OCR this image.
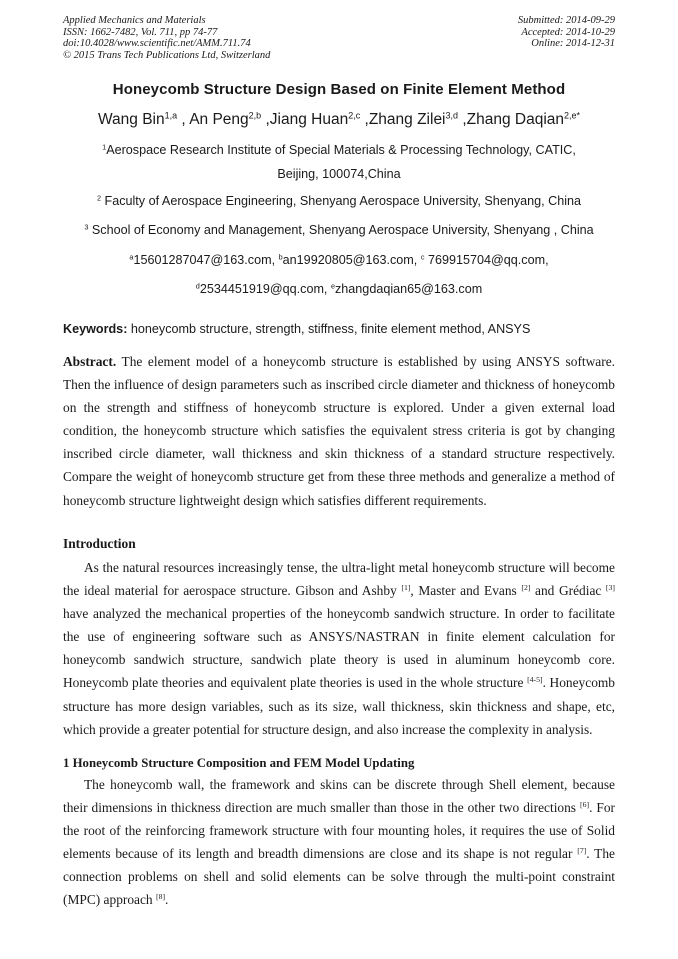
Applied Mechanics and Materials
ISSN: 1662-7482, Vol. 711, pp 74-77
doi:10.4028/www.scientific.net/AMM.711.74
© 2015 Trans Tech Publications Ltd, Switzerland
Submitted: 2014-09-29
Accepted: 2014-10-29
Online: 2014-12-31
Honeycomb Structure Design Based on Finite Element Method
Wang Bin$^{1,a}$ , An Peng$^{2,b}$ ,Jiang Huan$^{2,c}$ ,Zhang Zilei$^{3,d}$ ,Zhang Daqian$^{2,e*}$
$^1$Aerospace Research Institute of Special Materials & Processing Technology, CATIC,
Beijing, 100074,China
$^2$ Faculty of Aerospace Engineering, Shenyang Aerospace University, Shenyang, China
$^3$ School of Economy and Management, Shenyang Aerospace University, Shenyang , China
$^a$15601287047@163.com, $^b$an19920805@163.com, $^c$ 769915704@qq.com,
$^d$2534451919@qq.com, $^e$zhangdaqian65@163.com
Keywords: honeycomb structure, strength, stiffness, finite element method, ANSYS

Abstract. The element model of a honeycomb structure is established by using ANSYS software. Then the influence of design parameters such as inscribed circle diameter and thickness of honeycomb on the strength and stiffness of honeycomb structure is explored. Under a given external load condition, the honeycomb structure which satisfies the equivalent stress criteria is got by changing inscribed circle diameter, wall thickness and skin thickness of a standard structure respectively. Compare the weight of honeycomb structure get from these three methods and generalize a method of honeycomb structure lightweight design which satisfies different requirements.

Introduction

As the natural resources increasingly tense, the ultra-light metal honeycomb structure will become the ideal material for aerospace structure. Gibson and Ashby [1], Master and Evans [2] and Grédiac [3] have analyzed the mechanical properties of the honeycomb sandwich structure. In order to facilitate the use of engineering software such as ANSYS/NASTRAN in finite element calculation for honeycomb sandwich structure, sandwich plate theory is used in aluminum honeycomb core. Honeycomb plate theories and equivalent plate theories is used in the whole structure [4-5]. Honeycomb structure has more design variables, such as its size, wall thickness, skin thickness and shape, etc, which provide a greater potential for structure design, and also increase the complexity in analysis.

1 Honeycomb Structure Composition and FEM Model Updating

The honeycomb wall, the framework and skins can be discrete through Shell element, because their dimensions in thickness direction are much smaller than those in the other two directions [6]. For the root of the reinforcing framework structure with four mounting holes, it requires the use of Solid elements because of its length and breadth dimensions are close and its shape is not regular [7]. The connection problems on shell and solid elements can be solve through the multi-point constraint (MPC) approach [8].
